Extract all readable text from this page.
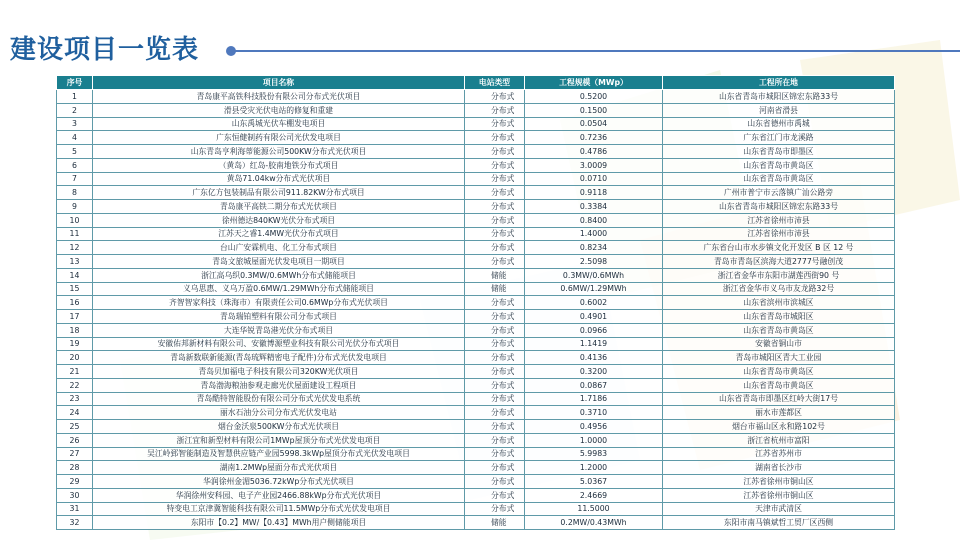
建设项目一览表
序号	项目名称	电站类型	工程规模（MWp）	工程所在地
1	青岛康平高铁科技股份有限公司分布式光伏项目	分布式	0.5200	山东省青岛市城阳区锦宏东路33号
2	滑县受灾光伏电站的修复和重建	分布式	0.1500	河南省滑县
3	山东禹城光伏车棚发电项目	分布式	0.0504	山东省德州市禹城
4	广东恒健制药有限公司光伏发电项目	分布式	0.7236	广东省江门市龙溪路
5	山东青岛亨利海蒂能源公司500KW分布式光伏项目	分布式	0.4786	山东省青岛市即墨区
6	（黄岛）红岛-胶南地铁分布式项目	分布式	3.0009	山东省青岛市黄岛区
7	黄岛71.04kw分布式光伏项目	分布式	0.0710	山东省青岛市黄岛区
8	广东亿方包装制品有限公司911.82KW分布式项目	分布式	0.9118	广州市普宁市云落镇广汕公路旁
9	青岛康平高铁二期分布式光伏项目	分布式	0.3384	山东省青岛市城阳区锦宏东路33号
10	徐州德达840KW光伏分布式项目	分布式	0.8400	江苏省徐州市沛县
11	江苏天之睿1.4MW光伏分布式项目	分布式	1.4000	江苏省徐州市沛县
12	台山广安霖机电、化工分布式项目	分布式	0.8234	广东省台山市水步镇文化开发区 B 区 12 号
13	青岛文旅城屋面光伏发电项目一期项目	分布式	2.5098	青岛市青岛区滨海大道2777号融创茂
14	浙江高乌织0.3MW/0.6MWh分布式储能项目	储能	0.3MW/0.6MWh	浙江省金华市东阳市湖莲西街90 号
15	义乌思惠、义乌万盈0.6MW/1.29MWh分布式储能项目	储能	0.6MW/1.29MWh	浙江省金华市义乌市友龙路32号
16	齐智智家科技（珠海市）有限责任公司0.6MWp分布式光伏项目	分布式	0.6002	山东省滨州市滨城区
17	青岛瑞铂塑料有限公司分布式项目	分布式	0.4901	山东省青岛市城阳区
18	大连华锐青岛港光伏分布式项目	分布式	0.0966	山东省青岛市黄岛区
19	安徽佑邦新材料有限公司、安徽博源塑业科技有限公司光伏分布式项目	分布式	1.1419	安徽省铜山市
20	青岛新数联新能源(青岛琉辉精密电子配件)分布式光伏发电项目	分布式	0.4136	青岛市城阳区青大工业园
21	青岛贝加福电子科技有限公司320KW光伏项目	分布式	0.3200	山东省青岛市黄岛区
22	青岛渤海粮油参观走廊光伏屋面建设工程项目	分布式	0.0867	山东省青岛市黄岛区
23	青岛酷特智能股份有限公司分布式光伏发电系统	分布式	1.7186	山东省青岛市即墨区红岭大街17号
24	丽水石油分公司分布式光伏发电站	分布式	0.3710	丽水市莲都区
25	烟台金沃泉500KW分布式光伏项目	分布式	0.4956	烟台市福山区永和路102号
26	浙江宜和新型材料有限公司1MWp屋顶分布式光伏发电项目	分布式	1.0000	浙江省杭州市富阳
27	吴江岭郅智能制造及智慧供应链产业园5998.3kWp屋顶分布式光伏发电项目	分布式	5.9983	江苏省苏州市
28	湖南1.2MWp屋面分布式光伏项目	分布式	1.2000	湖南省长沙市
29	华润徐州金湄5036.72kWp分布式光伏项目	分布式	5.0367	江苏省徐州市铜山区
30	华润徐州安科园、电子产业园2466.88kWp分布式光伏项目	分布式	2.4669	江苏省徐州市铜山区
31	特变电工京津冀智能科技有限公司11.5MWp分布式光伏发电项目	分布式	11.5000	天津市武清区
32	东阳市【0.2】MW/【0.43】MWh用户侧储能项目	储能	0.2MW/0.43MWh	东阳市南马镇斌哲工贸厂区西侧
